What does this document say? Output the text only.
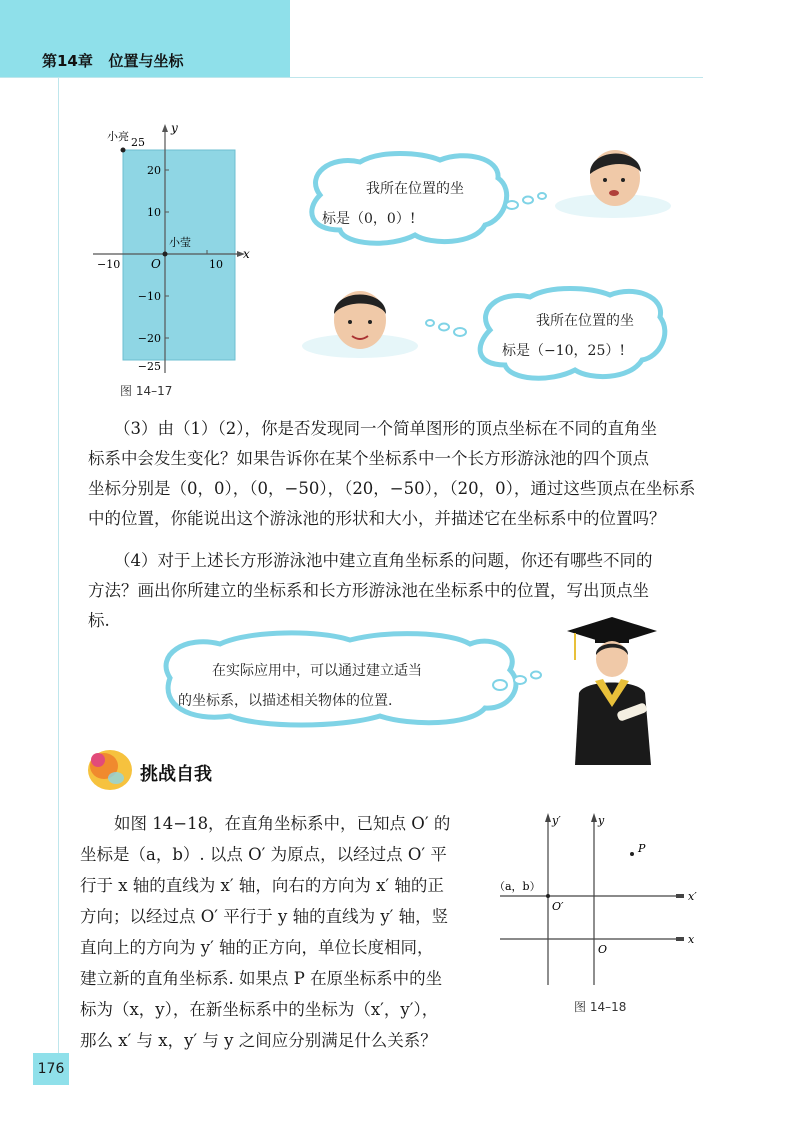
第14章 位置与坐标
y
x
O
小亮
小莹
25
20
10
−10
−20
−25
−10	10
图 14–17
我所在位置的坐
标是（0，0）!
我所在位置的坐
标是（−10，25）!
（3）由（1）（2），你是否发现同一个简单图形的顶点坐标在不同的直角坐
标系中会发生变化？如果告诉你在某个坐标系中一个长方形游泳池的四个顶点
坐标分别是（0，0），（0，−50），（20，−50），（20，0），通过这些顶点在坐标系
中的位置，你能说出这个游泳池的形状和大小，并描述它在坐标系中的位置吗？
（4）对于上述长方形游泳池中建立直角坐标系的问题，你还有哪些不同的
方法？画出你所建立的坐标系和长方形游泳池在坐标系中的位置，写出顶点坐
标.
在实际应用中，可以通过建立适当
的坐标系，以描述相关物体的位置.
挑战自我
如图 14−18，在直角坐标系中，已知点 O′ 的
坐标是（a，b）. 以点 O′ 为原点，以经过点 O′ 平
行于 x 轴的直线为 x′ 轴，向右的方向为 x′ 轴的正
方向；以经过点 O′ 平行于 y 轴的直线为 y′ 轴，竖
直向上的方向为 y′ 轴的正方向，单位长度相同，
建立新的直角坐标系. 如果点 P 在原坐标系中的坐
标为（x，y），在新坐标系中的坐标为（x′，y′），
那么 x′ 与 x，y′ 与 y 之间应分别满足什么关系？
y′	y
x′
x
O′
O
P
（a，b）
图 14–18
176
